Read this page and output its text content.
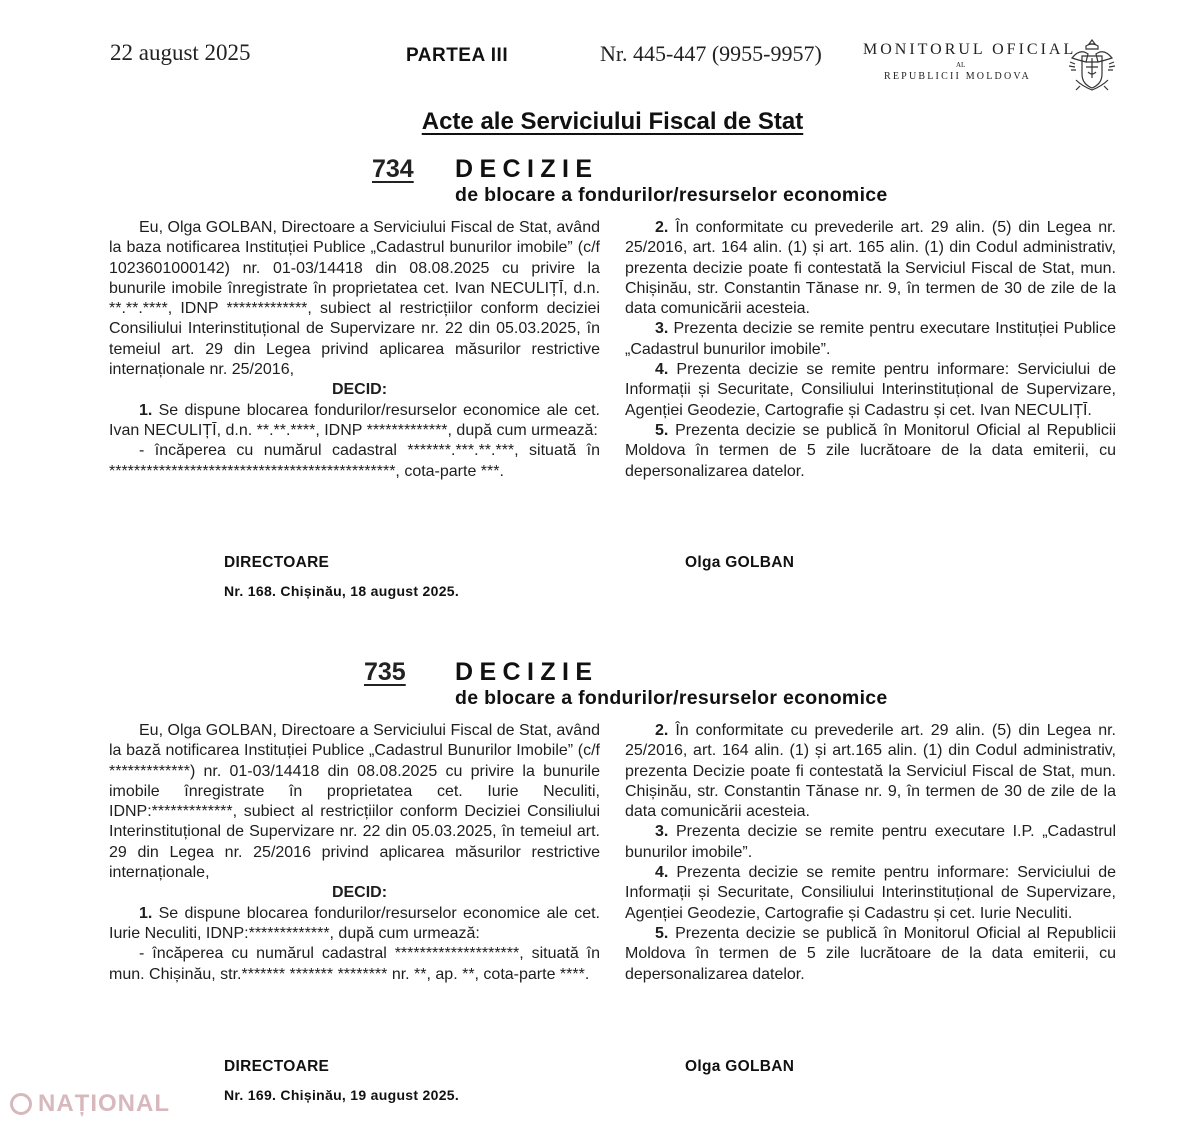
22 august 2025	PARTEA III	Nr. 445-447 (9955-9957)	MONITORUL OFICIAL
AL
REPUBLICII MOLDOVA
Acte ale Serviciului Fiscal de Stat
734 DECIZIE
de blocare a fondurilor/resurselor economice

Eu, Olga GOLBAN, Directoare a Serviciului Fiscal de Stat, având la baza notificarea Instituției Publice „Cadastrul bunurilor imobile” (c/f 1023601000142) nr. 01-03/14418 din 08.08.2025 cu privire la bunurile imobile înregistrate în proprietatea cet. Ivan NECULIȚĪ, d.n. **.**.****, IDNP *************, subiect al restricțiilor conform deciziei Consiliului Interinstituțional de Supervizare nr. 22 din 05.03.2025, în temeiul art. 29 din Legea privind aplicarea măsurilor restrictive internaționale nr. 25/2016,

DECID:

1. Se dispune blocarea fondurilor/resurselor economice ale cet. Ivan NECULIȚĪ, d.n. **.**.****, IDNP *************, după cum urmează:

- încăperea cu numărul cadastral *******.***.**.***, situată în **********************************************, cota-parte ***.

2. În conformitate cu prevederile art. 29 alin. (5) din Legea nr. 25/2016, art. 164 alin. (1) și art. 165 alin. (1) din Codul administrativ, prezenta decizie poate fi contestată la Serviciul Fiscal de Stat, mun. Chișinău, str. Constantin Tănase nr. 9, în termen de 30 de zile de la data comunicării acesteia.

3. Prezenta decizie se remite pentru executare Instituției Publice „Cadastrul bunurilor imobile”.

4. Prezenta decizie se remite pentru informare: Serviciului de Informații și Securitate, Consiliului Interinstituțional de Supervizare, Agenției Geodezie, Cartografie și Cadastru și cet. Ivan NECULIȚĪ.

5. Prezenta decizie se publică în Monitorul Oficial al Republicii Moldova în termen de 5 zile lucrătoare de la data emiterii, cu depersonalizarea datelor.

DIRECTOARE	Olga GOLBAN
Nr. 168. Chișinău, 18 august 2025.
735 DECIZIE
de blocare a fondurilor/resurselor economice

Eu, Olga GOLBAN, Directoare a Serviciului Fiscal de Stat, având la bază notificarea Instituției Publice „Cadastrul Bunurilor Imobile” (c/f *************) nr. 01-03/14418 din 08.08.2025 cu privire la bunurile imobile înregistrate în proprietatea cet. Iurie Neculiti, IDNP:*************, subiect al restricțiilor conform Deciziei Consiliului Interinstituțional de Supervizare nr. 22 din 05.03.2025, în temeiul art. 29 din Legea nr. 25/2016 privind aplicarea măsurilor restrictive internaționale,

DECID:

1. Se dispune blocarea fondurilor/resurselor economice ale cet. Iurie Neculiti, IDNP:*************, după cum urmează:

- încăperea cu numărul cadastral ********************, situată în mun. Chișinău, str.******* ******* ******** nr. **, ap. **, cota-parte ****.

2. În conformitate cu prevederile art. 29 alin. (5) din Legea nr. 25/2016, art. 164 alin. (1) și art.165 alin. (1) din Codul administrativ, prezenta Decizie poate fi contestată la Serviciul Fiscal de Stat, mun. Chișinău, str. Constantin Tănase nr. 9, în termen de 30 de zile de la data comunicării acesteia.

3. Prezenta decizie se remite pentru executare I.P. „Cadastrul bunurilor imobile”.

4. Prezenta decizie se remite pentru informare: Serviciului de Informații și Securitate, Consiliului Interinstituțional de Supervizare, Agenției Geodezie, Cartografie și Cadastru și cet. Iurie Neculiti.

5. Prezenta decizie se publică în Monitorul Oficial al Republicii Moldova în termen de 5 zile lucrătoare de la data emiterii, cu depersonalizarea datelor.

DIRECTOARE	Olga GOLBAN
Nr. 169. Chișinău, 19 august 2025.
NAȚIONAL
